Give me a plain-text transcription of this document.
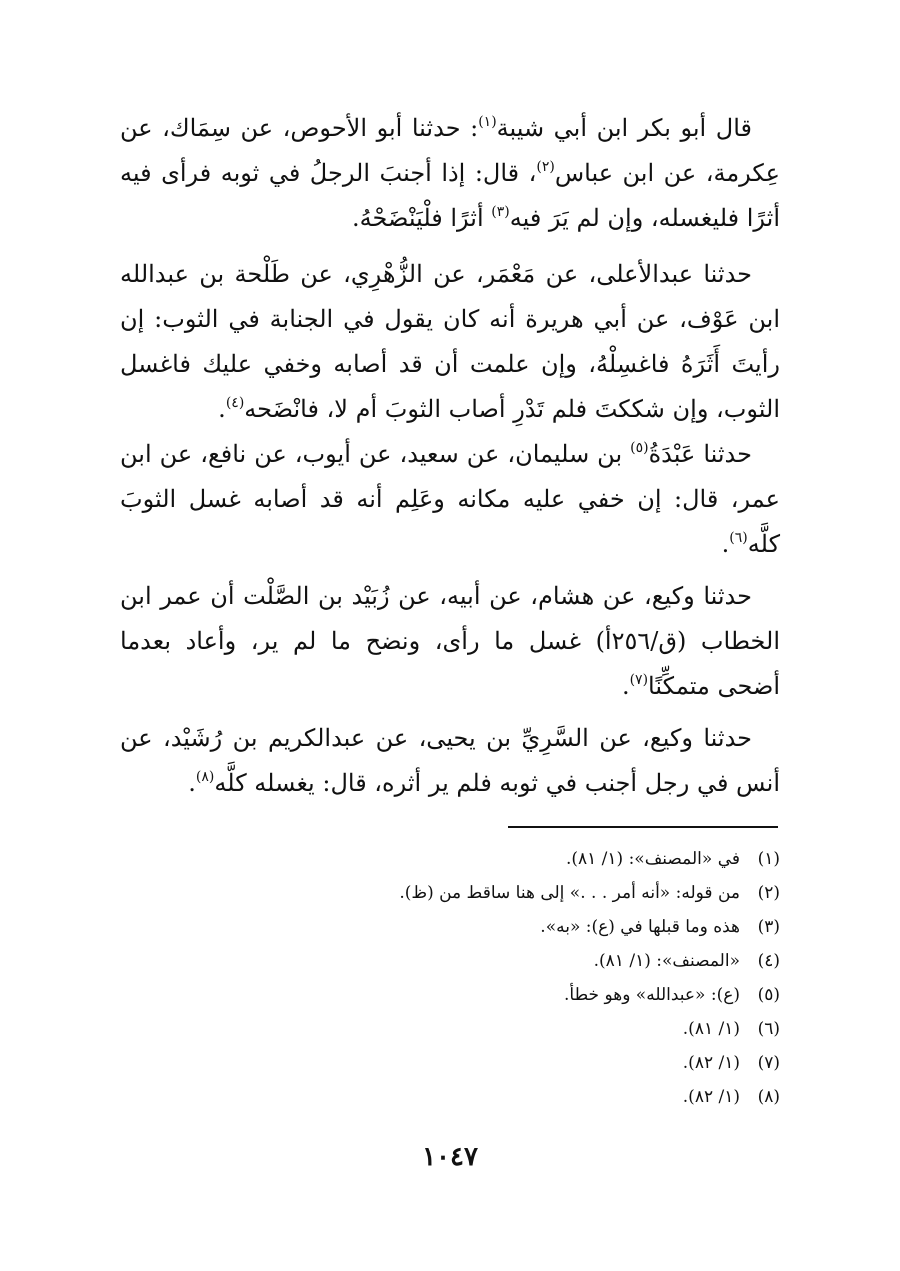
قال أبو بكر ابن أبي شيبة$^{(١)}$: حدثنا أبو الأحوص، عن سِمَاك، عن عِكرمة، عن ابن عباس$^{(٢)}$، قال: إذا أجنبَ الرجلُ في ثوبه فرأى فيه أثرًا فليغسله، وإن لم يَرَ فيه$^{(٣)}$ أثرًا فلْيَنْضَحْهُ.

حدثنا عبدالأعلى، عن مَعْمَر، عن الزُّهْرِي، عن طَلْحة بن عبدالله ابن عَوْف، عن أبي هريرة أنه كان يقول في الجنابة في الثوب: إن رأيتَ أَثَرَهُ فاغسِلْهُ، وإن علمت أن قد أصابه وخفي عليك فاغسل الثوب، وإن شككتَ فلم تَدْرِ أصاب الثوبَ أم لا، فانْضَحه$^{(٤)}$.

حدثنا عَبْدَةُ$^{(٥)}$ بن سليمان، عن سعيد، عن أيوب، عن نافع، عن ابن عمر، قال: إن خفي عليه مكانه وعَلِم أنه قد أصابه غسل الثوبَ كلَّه$^{(٦)}$.

حدثنا وكيع، عن هشام، عن أبيه، عن زُبَيْد بن الصَّلْت أن عمر ابن الخطاب (ق/٢٥٦أ) غسل ما رأى، ونضح ما لم ير، وأعاد بعدما أضحى متمكِّنًا$^{(٧)}$.

حدثنا وكيع، عن السَّرِيِّ بن يحيى، عن عبدالكريم بن رُشَيْد، عن أنس في رجل أجنب في ثوبه فلم ير أثره، قال: يغسله كلَّه$^{(٨)}$.

(١)في «المصنف»: (١/ ٨١).
(٢)من قوله: «أنه أمر . . .» إلى هنا ساقط من (ظ).
(٣)هذه وما قبلها في (ع): «به».
(٤)«المصنف»: (١/ ٨١).
(٥)(ع): «عبدالله» وهو خطأ.
(٦)(١/ ٨١).
(٧)(١/ ٨٢).
(٨)(١/ ٨٢).
١٠٤٧
